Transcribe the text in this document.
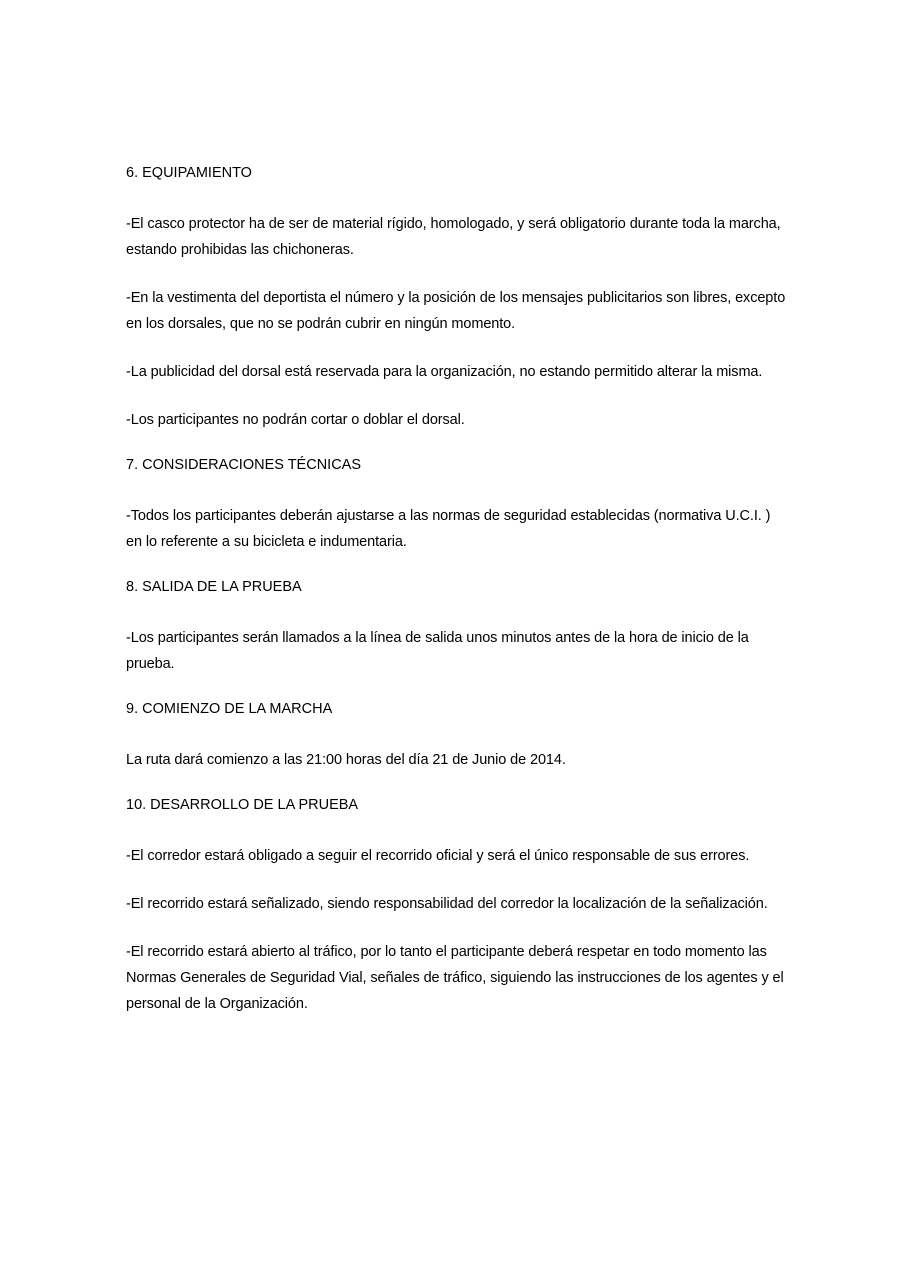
6. EQUIPAMIENTO

-El casco protector ha de ser de material rígido, homologado, y será obligatorio durante toda la marcha, estando prohibidas las chichoneras.

-En la vestimenta del deportista el número y la posición de los mensajes publicitarios son libres, excepto en los dorsales, que no se podrán cubrir en ningún momento.

-La publicidad del dorsal está reservada para la organización, no estando permitido alterar la misma.

-Los participantes no podrán cortar o doblar el dorsal.

7. CONSIDERACIONES TÉCNICAS

-Todos los participantes deberán ajustarse a las normas de seguridad establecidas (normativa U.C.I. ) en lo referente a su bicicleta e indumentaria.

8. SALIDA DE LA PRUEBA

-Los participantes serán llamados a la línea de salida unos minutos antes de la hora de inicio de la prueba.

9. COMIENZO DE LA MARCHA

La ruta dará comienzo a las 21:00 horas del día 21 de Junio de 2014.

10. DESARROLLO DE LA PRUEBA

-El corredor estará obligado a seguir el recorrido oficial y será el único responsable de sus errores.

-El recorrido estará señalizado, siendo responsabilidad del corredor la localización de la señalización.

-El recorrido estará abierto al tráfico, por lo tanto el participante deberá respetar en todo momento las Normas Generales de Seguridad Vial, señales de tráfico, siguiendo las instrucciones de los agentes y el personal de la Organización.
